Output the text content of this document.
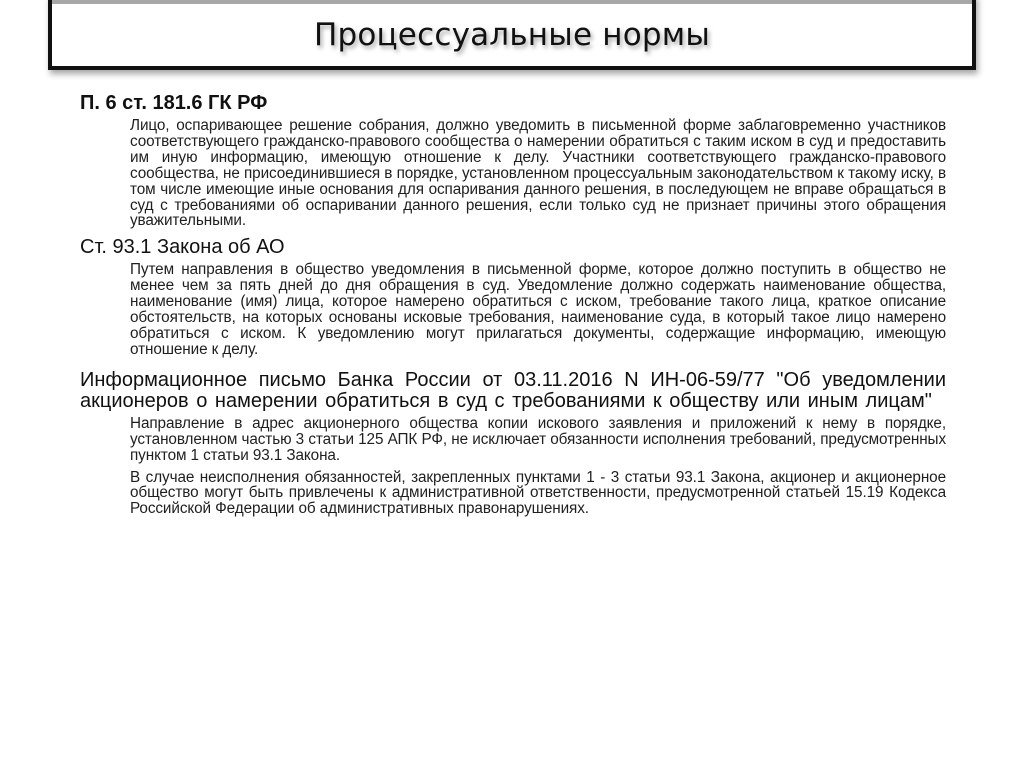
Процессуальные нормы
П. 6 ст. 181.6 ГК РФ

Лицо, оспаривающее решение собрания, должно уведомить в письменной форме заблаговременно участников соответствующего гражданско-правового сообщества о намерении обратиться с таким иском в суд и предоставить им иную информацию, имеющую отношение к делу. Участники соответствующего гражданско-правового сообщества, не присоединившиеся в порядке, установленном процессуальным законодательством к такому иску, в том числе имеющие иные основания для оспаривания данного решения, в последующем не вправе обращаться в суд с требованиями об оспаривании данного решения, если только суд не признает причины этого обращения уважительными.

Ст. 93.1 Закона об АО

Путем направления в общество уведомления в письменной форме, которое должно поступить в общество не менее чем за пять дней до дня обращения в суд. Уведомление должно содержать наименование общества, наименование (имя) лица, которое намерено обратиться с иском, требование такого лица, краткое описание обстоятельств, на которых основаны исковые требования, наименование суда, в который такое лицо намерено обратиться с иском. К уведомлению могут прилагаться документы, содержащие информацию, имеющую отношение к делу.

Информационное письмо Банка России от 03.11.2016 N ИН-06-59/77 "Об уведомлении акционеров о намерении обратиться в суд с требованиями к обществу или иным лицам"

Направление в адрес акционерного общества копии искового заявления и приложений к нему в порядке, установленном частью 3 статьи 125 АПК РФ, не исключает обязанности исполнения требований, предусмотренных пунктом 1 статьи 93.1 Закона.

В случае неисполнения обязанностей, закрепленных пунктами 1 - 3 статьи 93.1 Закона, акционер и акционерное общество могут быть привлечены к административной ответственности, предусмотренной статьей 15.19 Кодекса Российской Федерации об административных правонарушениях.
